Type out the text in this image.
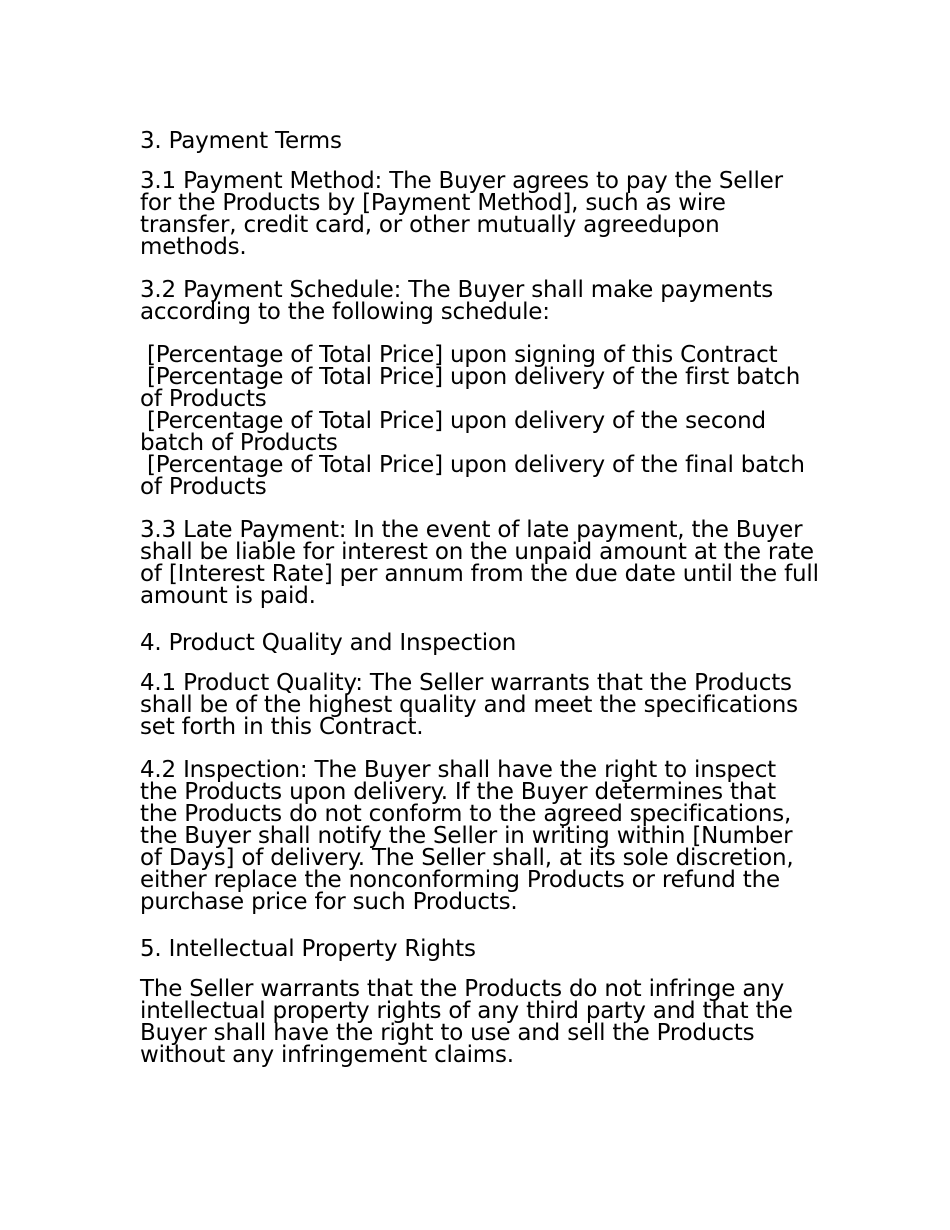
3. Payment Terms
3.1 Payment Method: The Buyer agrees to pay the Seller for the Products by [Payment Method], such as wire transfer, credit card, or other mutually agreedupon methods.
3.2 Payment Schedule: The Buyer shall make payments according to the following schedule:
[Percentage of Total Price] upon signing of this Contract
[Percentage of Total Price] upon delivery of the first batch of Products
[Percentage of Total Price] upon delivery of the second batch of Products
[Percentage of Total Price] upon delivery of the final batch of Products
3.3 Late Payment: In the event of late payment, the Buyer shall be liable for interest on the unpaid amount at the rate of [Interest Rate] per annum from the due date until the full amount is paid.
4. Product Quality and Inspection
4.1 Product Quality: The Seller warrants that the Products shall be of the highest quality and meet the specifications set forth in this Contract.
4.2 Inspection: The Buyer shall have the right to inspect the Products upon delivery. If the Buyer determines that the Products do not conform to the agreed specifications, the Buyer shall notify the Seller in writing within [Number of Days] of delivery. The Seller shall, at its sole discretion, either replace the nonconforming Products or refund the purchase price for such Products.
5. Intellectual Property Rights
The Seller warrants that the Products do not infringe any intellectual property rights of any third party and that the Buyer shall have the right to use and sell the Products without any infringement claims.
